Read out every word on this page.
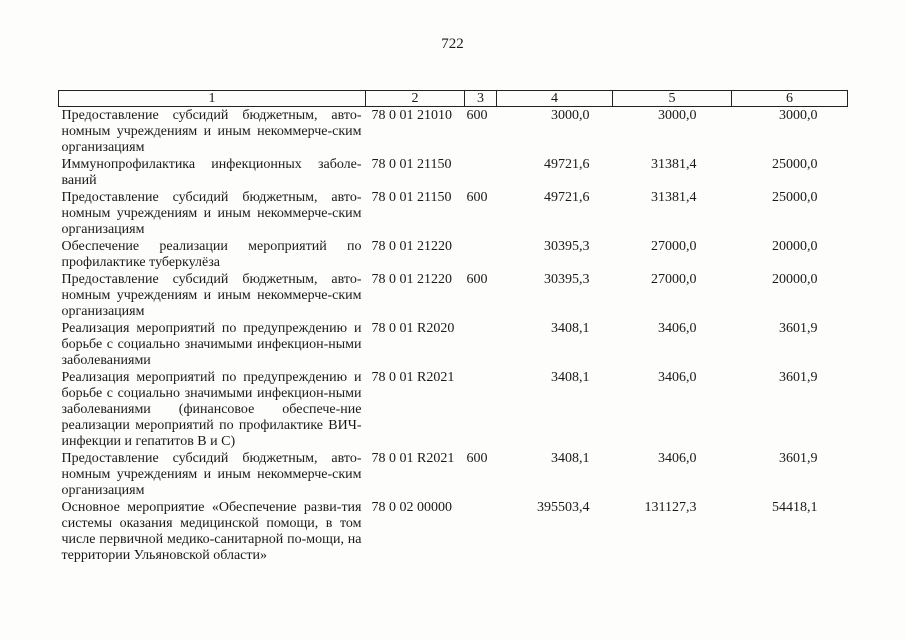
722
1	2	3	4	5	6
Предоставление субсидий бюджетным, авто-номным учреждениям и иным некоммерче-ским организациям	78 0 01 21010	600	3000,0	3000,0	3000,0
Иммунопрофилактика инфекционных заболе-ваний	78 0 01 21150		49721,6	31381,4	25000,0
Предоставление субсидий бюджетным, авто-номным учреждениям и иным некоммерче-ским организациям	78 0 01 21150	600	49721,6	31381,4	25000,0
Обеспечение реализации мероприятий по профилактике туберкулёза	78 0 01 21220		30395,3	27000,0	20000,0
Предоставление субсидий бюджетным, авто-номным учреждениям и иным некоммерче-ским организациям	78 0 01 21220	600	30395,3	27000,0	20000,0
Реализация мероприятий по предупреждению и борьбе с социально значимыми инфекцион-ными заболеваниями	78 0 01 R2020		3408,1	3406,0	3601,9
Реализация мероприятий по предупреждению и борьбе с социально значимыми инфекцион-ными заболеваниями (финансовое обеспече-ние реализации мероприятий по профилактике ВИЧ-инфекции и гепатитов В и С)	78 0 01 R2021		3408,1	3406,0	3601,9
Предоставление субсидий бюджетным, авто-номным учреждениям и иным некоммерче-ским организациям	78 0 01 R2021	600	3408,1	3406,0	3601,9
Основное мероприятие «Обеспечение разви-тия системы оказания медицинской помощи, в том числе первичной медико-санитарной по-мощи, на территории Ульяновской области»	78 0 02 00000		395503,4	131127,3	54418,1
